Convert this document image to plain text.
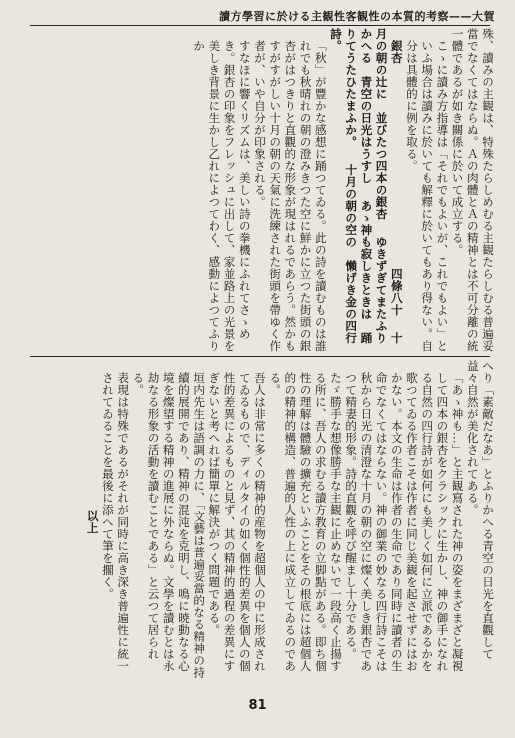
讀方學習に於ける主観性客観性の本質的考察——大賀

殊、讀みの主観は、特殊たらしめむる主観たらしむる普遍妥當でなくてはならぬ。Ａの肉體とＡの精神とは不可分離の統一體であるが如き關係に於いて成立する。

こゝに讀み方指導は「それでもよいが、これでもよい」といふ場合は讀みに於いても解釋に於いてもあり得ない。自分は具體的に例を取る。

銀杏　　　　　　　　　　　　　　　　　四條八十

十月の朝の辻に　並びたつ四本の銀杏

ゆきずぎてまたふりかへる　青空の日光はうすし

あゝ神も寂しきときは　踊りてうたひたまふか。

十月の朝の空の　懶げき金の四行詩。

「秋」が豐かな感想に踊つてゐる。此の詩を讀むものは誰れでも秋晴れの朝の澄みきつた空に鮮かに立つた街頭の銀杏がはつきりと直觀的な形象が現はれるであらう。然かもすがすがしい十月の朝の天氣に洗練された街頭を帶ゆく作者が、いや自分が印象される。

すなほに響くリズムは、美しい詩の拳機にふれてさゝめき。銀杏の印象をフレッシュに出して、家並路上の光景を美しき背景に生かし乙れによつてわく、感動によつてふりか

へり「素敵だなあ」とふりかへる青空の日光を直觀して益々自然が美化されてある。

「あゝ神も…」と主観寫された神の姿をまざまざと凝視して四本の銀杏をクラシックに生かし、神の御手になれる自然の四行詩が如何にも美しく如何に立派であるかを歌つてゐる作者こそは作者に同じ美観を起させずにはおかない。本文の生命は作者の生命であり同時に讀者の生命でなくてはならない。神の御業の妙なる四行詩こそは秋から日光の清澄な十月の朝の空に燦く美しき銀杏であつて精妻的形象。詩的直觀を呼び醒まし十分である。

たゞ勝手な想像勝手な主観に止めないで一段高く止揚する所に、吾人の求むる讀方教育の立脚點がある。即ち個性の理解は體驗の擴充といふことをその根底には超個人的の精神的構造、普遍的人性の上に成立してゐるのである。

吾人は非常に多くの精神的産物を超個人の中に形成されてゐるもので、ディルタイの如く個性的差異を個人の個性的差異によるものと見ず、其の精神的過程の差異にすぎないと考へれば簡單に解決がつく問題である。

垣内先生は語調の力に、「文藝は普遍妥當的なる精神の持續的展開であり、精神の混沌を克明し、鳴に暁動なる心境を燦望する精神の進展に外ならぬ。文學を讀むとは永劫なる形象の活動を讀むことである」と云つて居られる。

表現は特殊であるがそれが同時に高き深き普遍性に統一されてゐることを最後に添へて筆を擱く。

以上

81
